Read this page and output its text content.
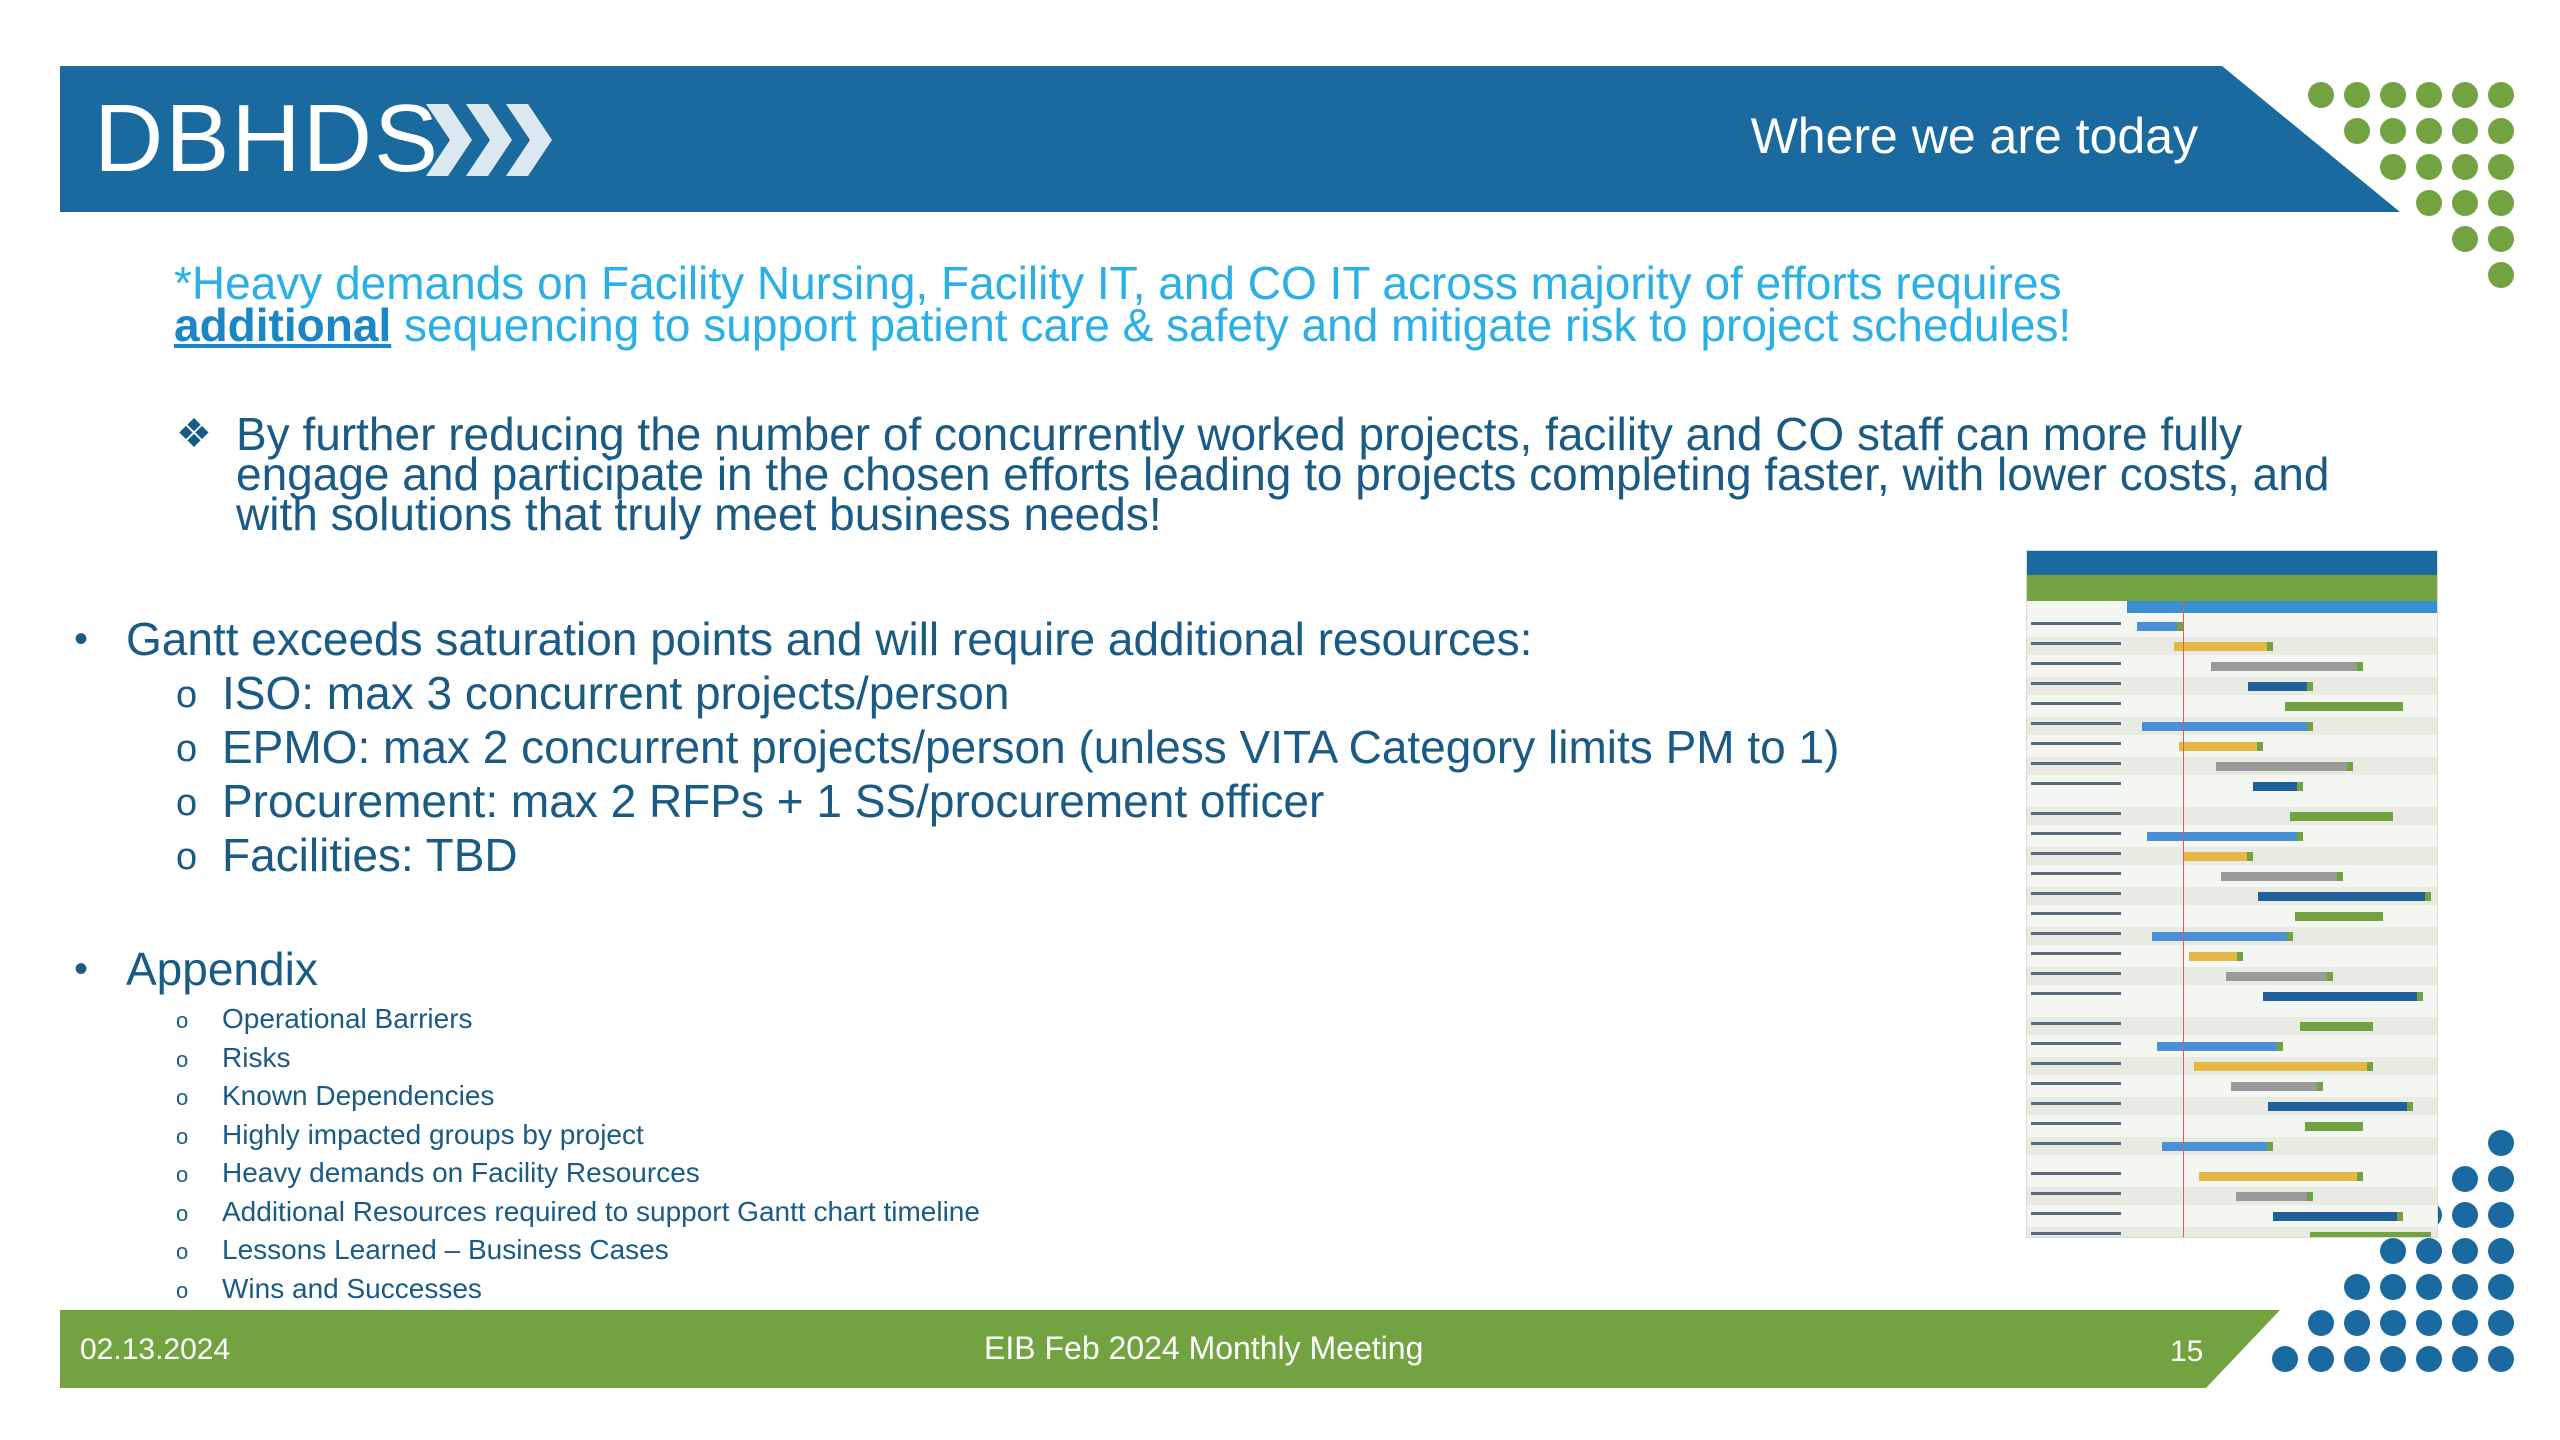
DBHDS	Where we are today
*Heavy demands on Facility Nursing, Facility IT, and CO IT across majority of efforts requires
additional sequencing to support patient care & safety and mitigate risk to project schedules!
❖ By further reducing the number of concurrently worked projects, facility and CO staff can more fully engage and participate in the chosen efforts leading to projects completing faster, with lower costs, and with solutions that truly meet business needs!
• Gantt exceeds saturation points and will require additional resources:
o ISO: max 3 concurrent projects/person
o EPMO: max 2 concurrent projects/person (unless VITA Category limits PM to 1)
o Procurement: max 2 RFPs + 1 SS/procurement officer
o Facilities: TBD
• Appendix
o Operational Barriers
o Risks
o Known Dependencies
o Highly impacted groups by project
o Heavy demands on Facility Resources
o Additional Resources required to support Gantt chart timeline
o Lessons Learned – Business Cases
o Wins and Successes
02.13.2024	EIB Feb 2024 Monthly Meeting	15
